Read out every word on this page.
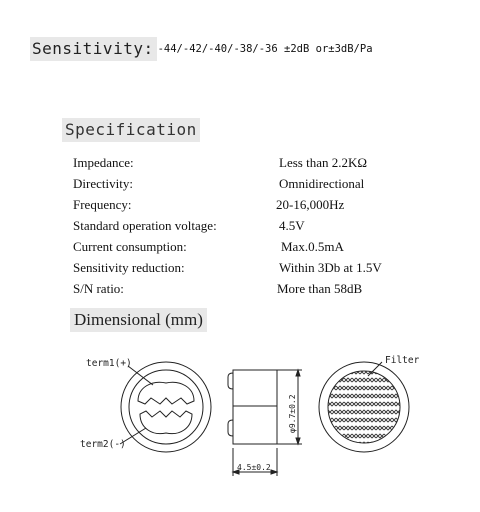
Sensitivity: -44/-42/-40/-38/-36 ±2dB or±3dB/Pa
Specification
Impedance:	Less than 2.2KΩ
Directivity:	Omnidirectional
Frequency:	20-16,000Hz
Standard operation voltage:	4.5V
Current consumption:	Max.0.5mA
Sensitivity reduction:	Within 3Db at 1.5V
S/N ratio:	More than 58dB
Dimensional (mm)
term1(+)
term2(-)
φ9.7±0.2
4.5±0.2
Filter
